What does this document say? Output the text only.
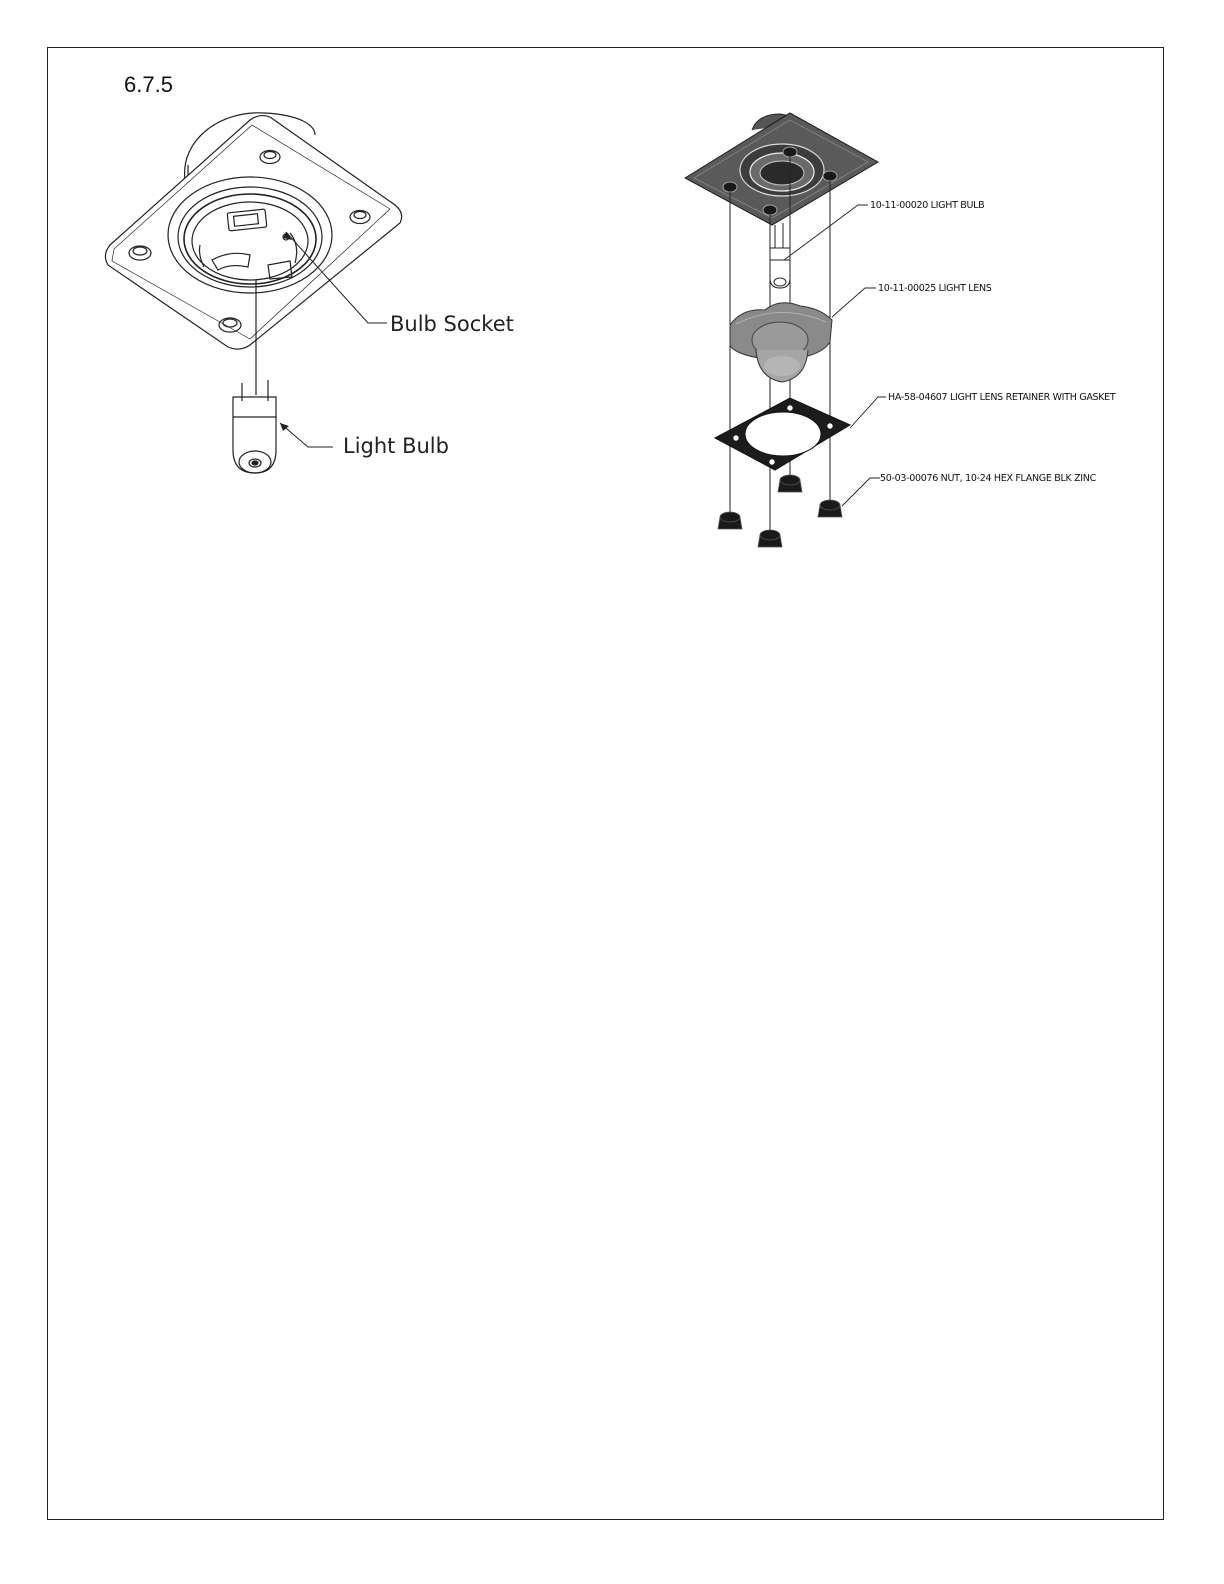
6.7.5
Bulb Socket
Light Bulb
10-11-00020 LIGHT BULB
10-11-00025 LIGHT LENS
HA-58-04607 LIGHT LENS RETAINER WITH GASKET
50-03-00076 NUT, 10-24 HEX FLANGE BLK ZINC
